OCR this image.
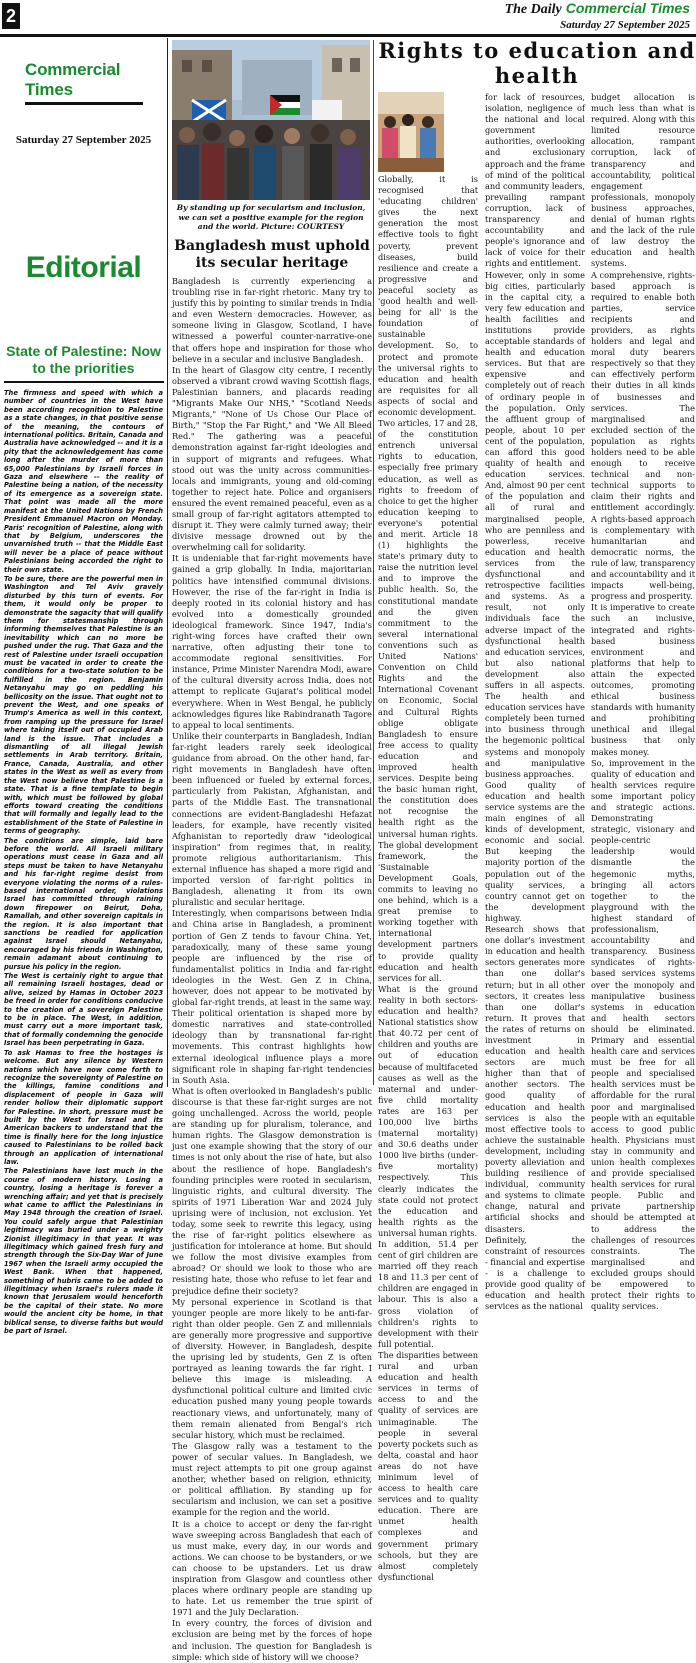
2	The Daily Commercial Times
Saturday 27 September 2025
Commercial Times
Saturday 27 September 2025
Editorial
State of Palestine: Now to the priorities

The firmness and speed with which a number of countries in the West have been according recognition to Palestine as a state changes, in that positive sense of the meaning, the contours of international politics. Britain, Canada and Australia have acknowledged -- and it is a pity that the acknowledgement has come long after the murder of more than 65,000 Palestinians by Israeli forces in Gaza and elsewhere -- the reality of Palestine being a nation, of the necessity of its emergence as a sovereign state. That point was made all the more manifest at the United Nations by French President Emmanuel Macron on Monday. Paris' recognition of Palestine, along with that by Belgium, underscores the unvarnished truth -- that the Middle East will never be a place of peace without Palestinians being accorded the right to their own state.

To be sure, there are the powerful men in Washington and Tel Aviv gravely disturbed by this turn of events. For them, it would only be proper to demonstrate the sagacity that will qualify them for statesmanship through informing themselves that Palestine is an inevitability which can no more be pushed under the rug. That Gaza and the rest of Palestine under Israeli occupation must be vacated in order to create the conditions for a two-state solution to be fulfilled in the region. Benjamin Netanyahu may go on peddling his bellicosity on the issue. That ought not to prevent the West, and one speaks of Trump's America as well in this context, from ramping up the pressure for Israel where taking itself out of occupied Arab land is the issue. That includes a dismantling of all illegal Jewish settlements in Arab territory. Britain, France, Canada, Australia, and other states in the West as well as every from the West now believe that Palestine is a state. That is a fine template to begin with, which must be followed by global efforts toward creating the conditions that will formally and legally lead to the establishment of the State of Palestine in terms of geography.

The conditions are simple, laid bare before the world. All Israeli military operations must cease in Gaza and all steps must be taken to have Netanyahu and his far-right regime desist from everyone violating the norms of a rules-based international order, violations Israel has committed through raining down firepower on Beirut, Doha, Ramallah, and other sovereign capitals in the region. It is also important that sanctions be readied for application against Israel should Netanyahu, encouraged by his friends in Washington, remain adamant about continuing to pursue his policy in the region.

The West is certainly right to argue that all remaining Israeli hostages, dead or alive, seized by Hamas in October 2023 be freed in order for conditions conducive to the creation of a sovereign Palestine to be in place. The West, in addition, must carry out a more important task, that of formally condemning the genocide Israel has been perpetrating in Gaza.

To ask Hamas to free the hostages is welcome. But any silence by Western nations which have now come forth to recognize the sovereignty of Palestine on the killings, famine conditions and displacement of people in Gaza will render hollow their diplomatic support for Palestine. In short, pressure must be built by the West for Israel and its American backers to understand that the time is finally here for the long injustice caused to Palestinians to be rolled back through an application of international law.

The Palestinians have lost much in the course of modern history. Losing a country, losing a heritage is forever a wrenching affair; and yet that is precisely what came to afflict the Palestinians in May 1948 through the creation of Israel. You could safely argue that Palestinian legitimacy was buried under a weighty Zionist illegitimacy in that year. It was illegitimacy which gained fresh fury and strength through the Six-Day War of June 1967 when the Israeli army occupied the West Bank. When that happened, something of hubris came to be added to illegitimacy when Israel's rulers made it known that Jerusalem would henceforth be the capital of their state. No more would the ancient city be home, in that biblical sense, to diverse faiths but would be part of Israel.

By standing up for secularism and inclusion, we can set a positive example for the region and the world. Picture: COURTESY
Bangladesh must uphold its secular heritage

Bangladesh is currently experiencing a troubling rise in far-right rhetoric. Many try to justify this by pointing to similar trends in India and even Western democracies. However, as someone living in Glasgow, Scotland, I have witnessed a powerful counter-narrative-one that offers hope and inspiration for those who believe in a secular and inclusive Bangladesh.

In the heart of Glasgow city centre, I recently observed a vibrant crowd waving Scottish flags, Palestinian banners, and placards reading "Migrants Make Our NHS," "Scotland Needs Migrants," "None of Us Chose Our Place of Birth," "Stop the Far Right," and "We All Bleed Red." The gathering was a peaceful demonstration against far-right ideologies and in support of migrants and refugees. What stood out was the unity across communities-locals and immigrants, young and old-coming together to reject hate. Police and organisers ensured the event remained peaceful, even as a small group of far-right agitators attempted to disrupt it. They were calmly turned away; their divisive message drowned out by the overwhelming call for solidarity.

It is undeniable that far-right movements have gained a grip globally. In India, majoritarian politics have intensified communal divisions. However, the rise of the far-right in India is deeply rooted in its colonial history and has evolved into a domestically grounded ideological framework. Since 1947, India's right-wing forces have crafted their own narrative, often adjusting their tone to accommodate regional sensitivities. For instance, Prime Minister Narendra Modi, aware of the cultural diversity across India, does not attempt to replicate Gujarat's political model everywhere. When in West Bengal, he publicly acknowledges figures like Rabindranath Tagore to appeal to local sentiments.

Unlike their counterparts in Bangladesh, Indian far-right leaders rarely seek ideological guidance from abroad. On the other hand, far-right movements in Bangladesh have often been influenced or fueled by external forces, particularly from Pakistan, Afghanistan, and parts of the Middle East. The transnational connections are evident-Bangladeshi Hefazat leaders, for example, have recently visited Afghanistan to reportedly draw "ideological inspiration" from regimes that, in reality, promote religious authoritarianism. This external influence has shaped a more rigid and imported version of far-right politics in Bangladesh, alienating it from its own pluralistic and secular heritage.

Interestingly, when comparisons between India and China arise in Bangladesh, a prominent portion of Gen Z tends to favour China. Yet, paradoxically, many of these same young people are influenced by the rise of fundamentalist politics in India and far-right ideologies in the West. Gen Z in China, however, does not appear to be motivated by global far-right trends, at least in the same way. Their political orientation is shaped more by domestic narratives and state-controlled ideology than by transnational far-right movements. This contrast highlights how external ideological influence plays a more significant role in shaping far-right tendencies in South Asia.

What is often overlooked in Bangladesh's public discourse is that these far-right surges are not going unchallenged. Across the world, people are standing up for pluralism, tolerance, and human rights. The Glasgow demonstration is just one example showing that the story of our times is not only about the rise of hate, but also about the resilience of hope. Bangladesh's founding principles were rooted in secularism, linguistic rights, and cultural diversity. The spirits of 1971 Liberation War and 2024 July uprising were of inclusion, not exclusion. Yet today, some seek to rewrite this legacy, using the rise of far-right politics elsewhere as justification for intolerance at home. But should we follow the most divisive examples from abroad? Or should we look to those who are resisting hate, those who refuse to let fear and prejudice define their society?

My personal experience in Scotland is that younger people are more likely to be anti-far-right than older people. Gen Z and millennials are generally more progressive and supportive of diversity. However, in Bangladesh, despite the uprising led by students, Gen Z is often portrayed as leaning towards the far right. I believe this image is misleading. A dysfunctional political culture and limited civic education pushed many young people towards reactionary views, and unfortunately, many of them remain alienated from Bengal's rich secular history, which must be reclaimed.

The Glasgow rally was a testament to the power of secular values. In Bangladesh, we must reject attempts to pit one group against another, whether based on religion, ethnicity, or political affiliation. By standing up for secularism and inclusion, we can set a positive example for the region and the world.

It is a choice to accept or deny the far-right wave sweeping across Bangladesh that each of us must make, every day, in our words and actions. We can choose to be bystanders, or we can choose to be upstanders. Let us draw inspiration from Glasgow and countless other places where ordinary people are standing up to hate. Let us remember the true spirit of 1971 and the July Declaration.

In every country, the forces of division and exclusion are being met by the forces of hope and inclusion. The question for Bangladesh is simple: which side of history will we choose?

Rights to education and health

Globally, it is recognised that 'educating children' gives the next generation the most effective tools to fight poverty, prevent diseases, build resilience and create a progressive and peaceful society as 'good health and well-being for all' is the foundation of sustainable development. So, to protect and promote the universal rights to education and health are requisites for all aspects of social and economic development.

Two articles, 17 and 28, of the constitution entrench universal rights to education, especially free primary education, as well as rights to freedom of choice to get the higher education keeping to everyone's potential and merit. Article 18 (1) highlights the state's primary duty to raise the nutrition level and to improve the public health. So, the constitutional mandate and the given commitment to the several international conventions such as United Nations' Convention on Child Rights and the International Covenant on Economic, Social and Cultural Rights oblige obligate Bangladesh to ensure free access to quality education and improved health services. Despite being the basic human right, the constitution does not recognise the health right as the universal human rights. The global development framework, the 'Sustainable Development Goals, commits to leaving no one behind, which is a great premise to working together with international development partners to provide quality education and health services for all.

What is the ground reality in both sectors- education and health? National statistics show that 40.72 per cent of children and youths are out of education because of multifaceted causes as well as the maternal and under-five child mortality rates are 163 per 100,000 live births (maternal mortality) and 30.6 deaths under 1000 live births (under-five mortality) respectively. This clearly indicates the state could not protect the education and health rights as the universal human rights.

In addition, 51.4 per cent of girl children are married off they reach 18 and 11.3 per cent of children are engaged in labour. This is also a gross violation of children's rights to development with their full potential.

The disparities between rural and urban education and health services in terms of access to and the quality of services are unimaginable. The people in several poverty pockets such as delta, coastal and haor areas do not have minimum level of access to health care services and to quality education. There are unmet health complexes and government primary schools, but they are almost completely dysfunctional

for lack of resources, isolation, negligence of the national and local government authorities, overlooking and exclusionary approach and the frame of mind of the political and community leaders, prevailing rampant corruption, lack of transparency and accountability and people's ignorance and lack of voice for their rights and entitlement.

However, only in some big cities, particularly in the capital city, a very few education and health facilities and institutions provide acceptable standards of health and education services. But that are expensive and completely out of reach of ordinary people in the population. Only the affluent group of people, about 10 per cent of the population, can afford this good quality of health and education services. And, almost 90 per cent of the population and all of rural and marginalised people, who are penniless and powerless, receive education and health services from the dysfunctional and retrospective facilities and systems. As a result, not only individuals face the adverse impact of the dysfunctional health and education services, but also national development also suffers in all aspects. The health and education services have completely been turned into business through the hegemonic political systems and monopoly and manipulative business approaches.

Good quality of education and health service systems are the main engines of all kinds of development, economic and social. But keeping the majority portion of the population out of the quality services, a country cannot get on the development highway.

Research shows that one dollar's investment in education and health sectors generates more than one dollar's return; but in all other sectors, it creates less than one dollar's return. It proves that the rates of returns on investment in education and health sectors are much higher than that of another sectors. The good quality of education and health services is also the most effective tools to achieve the sustainable development, including poverty alleviation and building resilience of individual, community and systems to climate change, natural and artificial shocks and disasters.

Definitely, the constraint of resources - financial and expertise - is a challenge to provide good quality of education and health services as the national

budget allocation is much less than what is required. Along with this limited resource allocation, rampant corruption, lack of transparency and accountability, political engagement professionals, monopoly business approaches, denial of human rights and the lack of the rule of law destroy the education and health systems.

A comprehensive, rights-based approach is required to enable both parties, service recipients and providers, as rights holders and legal and moral duty bearers respectively so that they can effectively perform their duties in all kinds of businesses and services. The marginalised and excluded section of the population as rights holders need to be able enough to receive technical and non-technical supports to claim their rights and entitlement accordingly. A rights-based approach is complementary with humanitarian and democratic norms, the rule of law, transparency and accountability and it impacts well-being, progress and prosperity.

It is imperative to create such an inclusive, integrated and rights-based business environment and platforms that help to attain the expected outcomes, promoting ethical business standards with humanity and prohibiting unethical and illegal business that only makes money.

So, improvement in the quality of education and health services require some important policy and strategic actions. Demonstrating strategic, visionary and people-centric leadership would dismantle the hegemonic myths, bringing all actors together to the playground with the highest standard of professionalism, accountability and transparency. Business syndicates of rights-based services systems over the monopoly and manipulative business systems in education and health sectors should be eliminated. Primary and essential health care and services must be free for all people and specialised health services must be affordable for the rural poor and marginalised people with an equitable access to good public health. Physicians must stay in community and union health complexes and provide specialised health services for rural people. Public and private partnership should be attempted at to address the challenges of resources constraints. The marginalised and excluded groups should be empowered to protect their rights to quality services.
